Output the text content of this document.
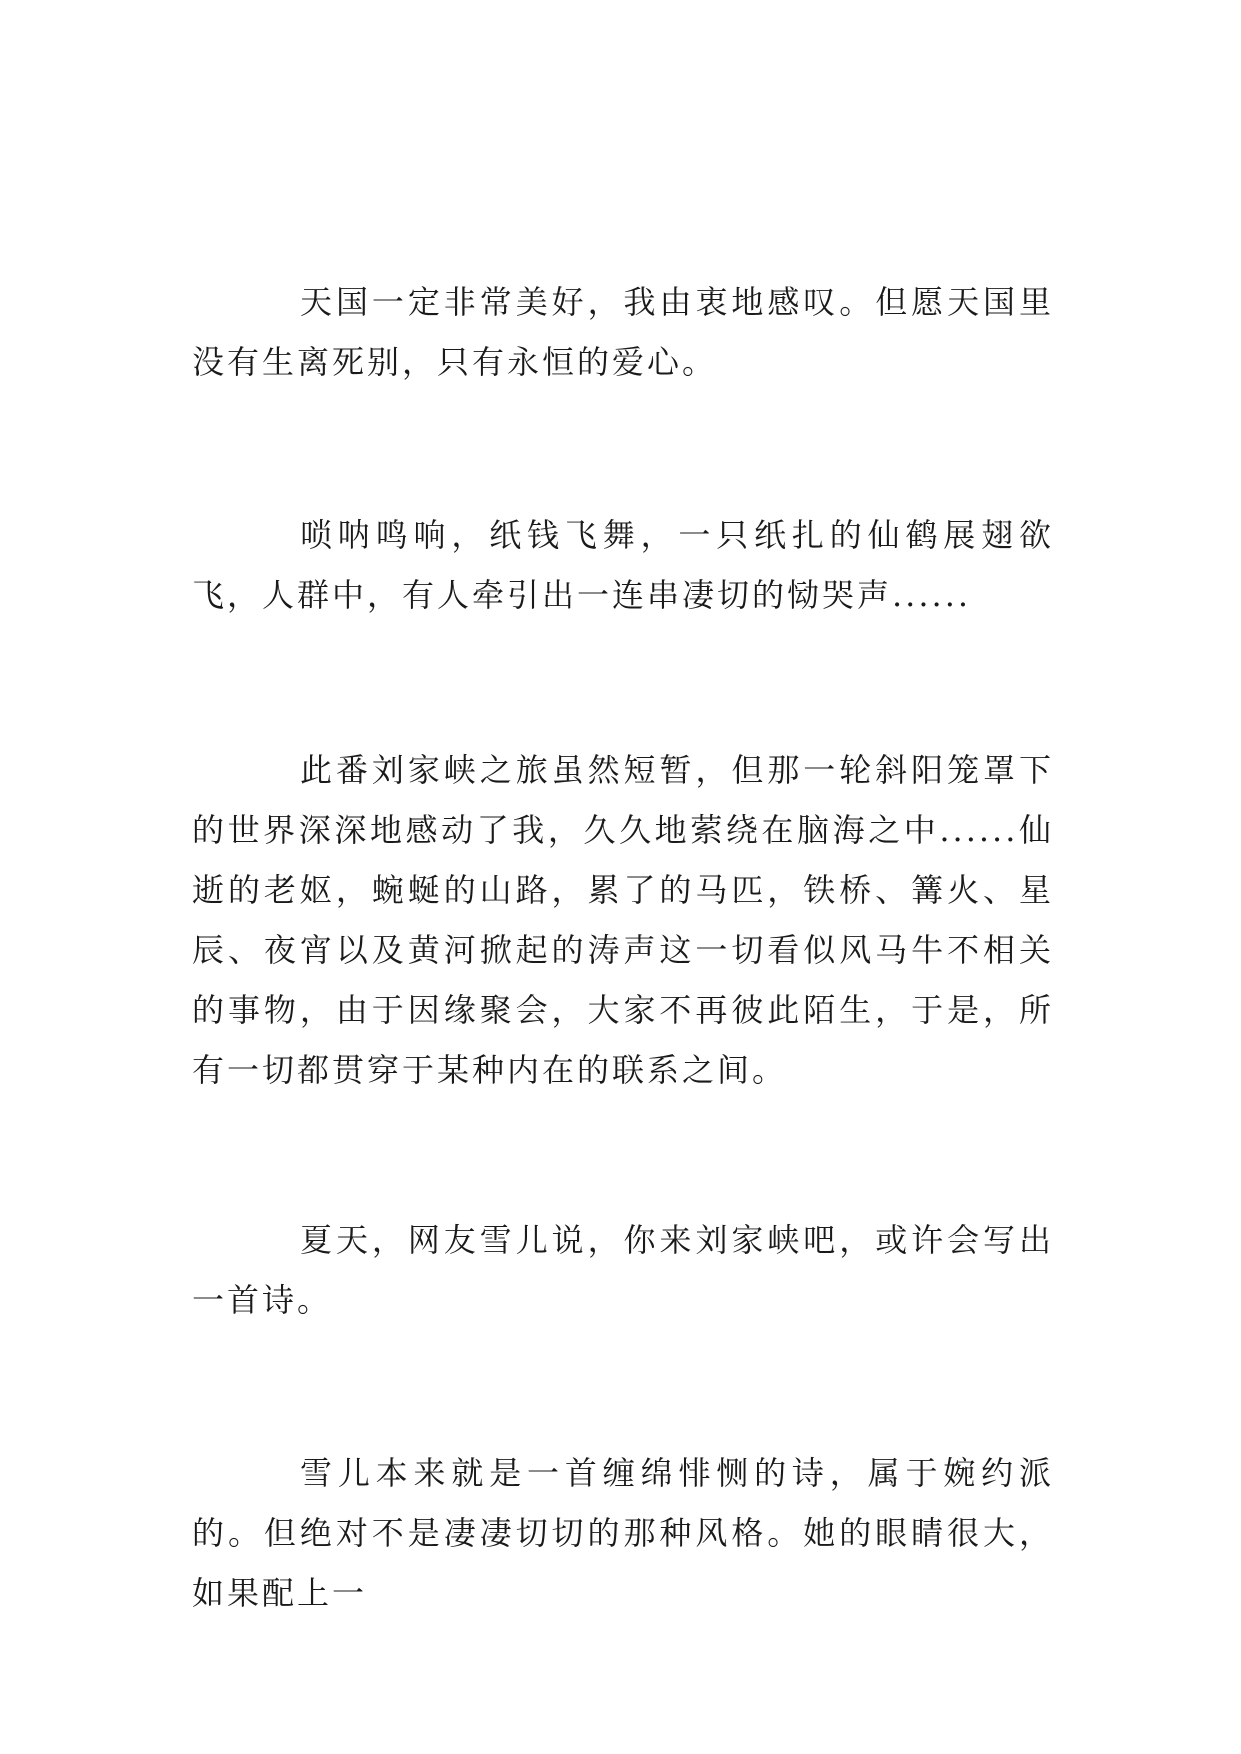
天国一定非常美好，我由衷地感叹。但愿天国里没有生离死别，只有永恒的爱心。

唢呐鸣响，纸钱飞舞，一只纸扎的仙鹤展翅欲飞，人群中，有人牵引出一连串凄切的恸哭声......

此番刘家峡之旅虽然短暂，但那一轮斜阳笼罩下的世界深深地感动了我，久久地萦绕在脑海之中......仙逝的老妪，蜿蜒的山路，累了的马匹，铁桥、篝火、星辰、夜宵以及黄河掀起的涛声这一切看似风马牛不相关的事物，由于因缘聚会，大家不再彼此陌生，于是，所有一切都贯穿于某种内在的联系之间。

夏天，网友雪儿说，你来刘家峡吧，或许会写出一首诗。

雪儿本来就是一首缠绵悱恻的诗，属于婉约派的。但绝对不是凄凄切切的那种风格。她的眼睛很大，如果配上一
